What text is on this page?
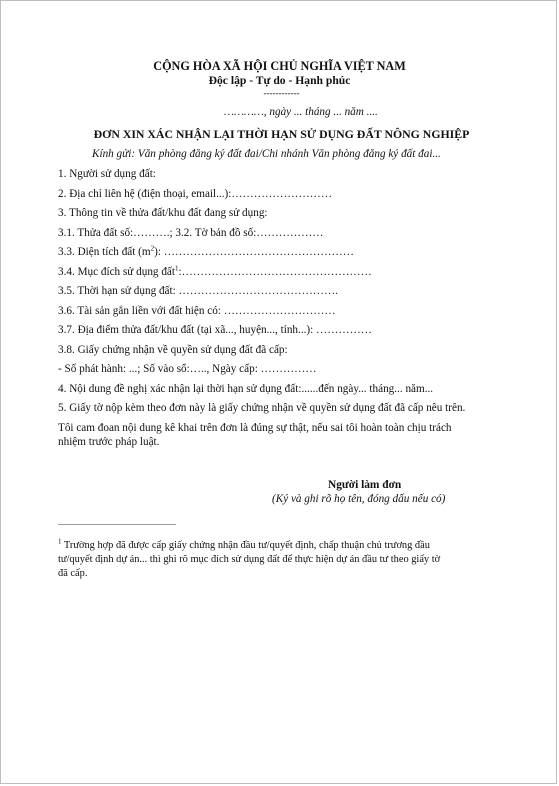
CỘNG HÒA XÃ HỘI CHỦ NGHĨA VIỆT NAM
Độc lập - Tự do - Hạnh phúc
------------
…………, ngày ... tháng ... năm ....
ĐƠN XIN XÁC NHẬN LẠI THỜI HẠN SỬ DỤNG ĐẤT NÔNG NGHIỆP
Kính gửi: Văn phòng đăng ký đất đai/Chi nhánh Văn phòng đăng ký đất đai...
1. Người sử dụng đất:
2. Địa chỉ liên hệ (điện thoại, email...):………………………
3. Thông tin về thửa đất/khu đất đang sử dụng:
3.1. Thửa đất số:……….; 3.2. Tờ bản đồ số:………………
3.3. Diện tích đất $(m^2)$: ……………………………………………
3.4. Mục đích sử dụng đất$^1$:……………………………………………
3.5. Thời hạn sử dụng đất: …………………………………….
3.6. Tài sản gắn liền với đất hiện có: …………………………
3.7. Địa điểm thửa đất/khu đất (tại xã..., huyện..., tỉnh...): ……………
3.8. Giấy chứng nhận về quyền sử dụng đất đã cấp:
- Số phát hành: ...; Số vào sổ:….., Ngày cấp: ……………
4. Nội dung đề nghị xác nhận lại thời hạn sử dụng đất:......đến ngày... tháng... năm...
5. Giấy tờ nộp kèm theo đơn này là giấy chứng nhận về quyền sử dụng đất đã cấp nêu trên.
Tôi cam đoan nội dung kê khai trên đơn là đúng sự thật, nếu sai tôi hoàn toàn chịu trách
nhiệm trước pháp luật.
Người làm đơn
(Ký và ghi rõ họ tên, đóng dấu nếu có)
$^1$ Trường hợp đã được cấp giấy chứng nhận đầu tư/quyết định, chấp thuận chủ trương đầu
tư/quyết định dự án... thì ghi rõ mục đích sử dụng đất để thực hiện dự án đầu tư theo giấy tờ
đã cấp.
